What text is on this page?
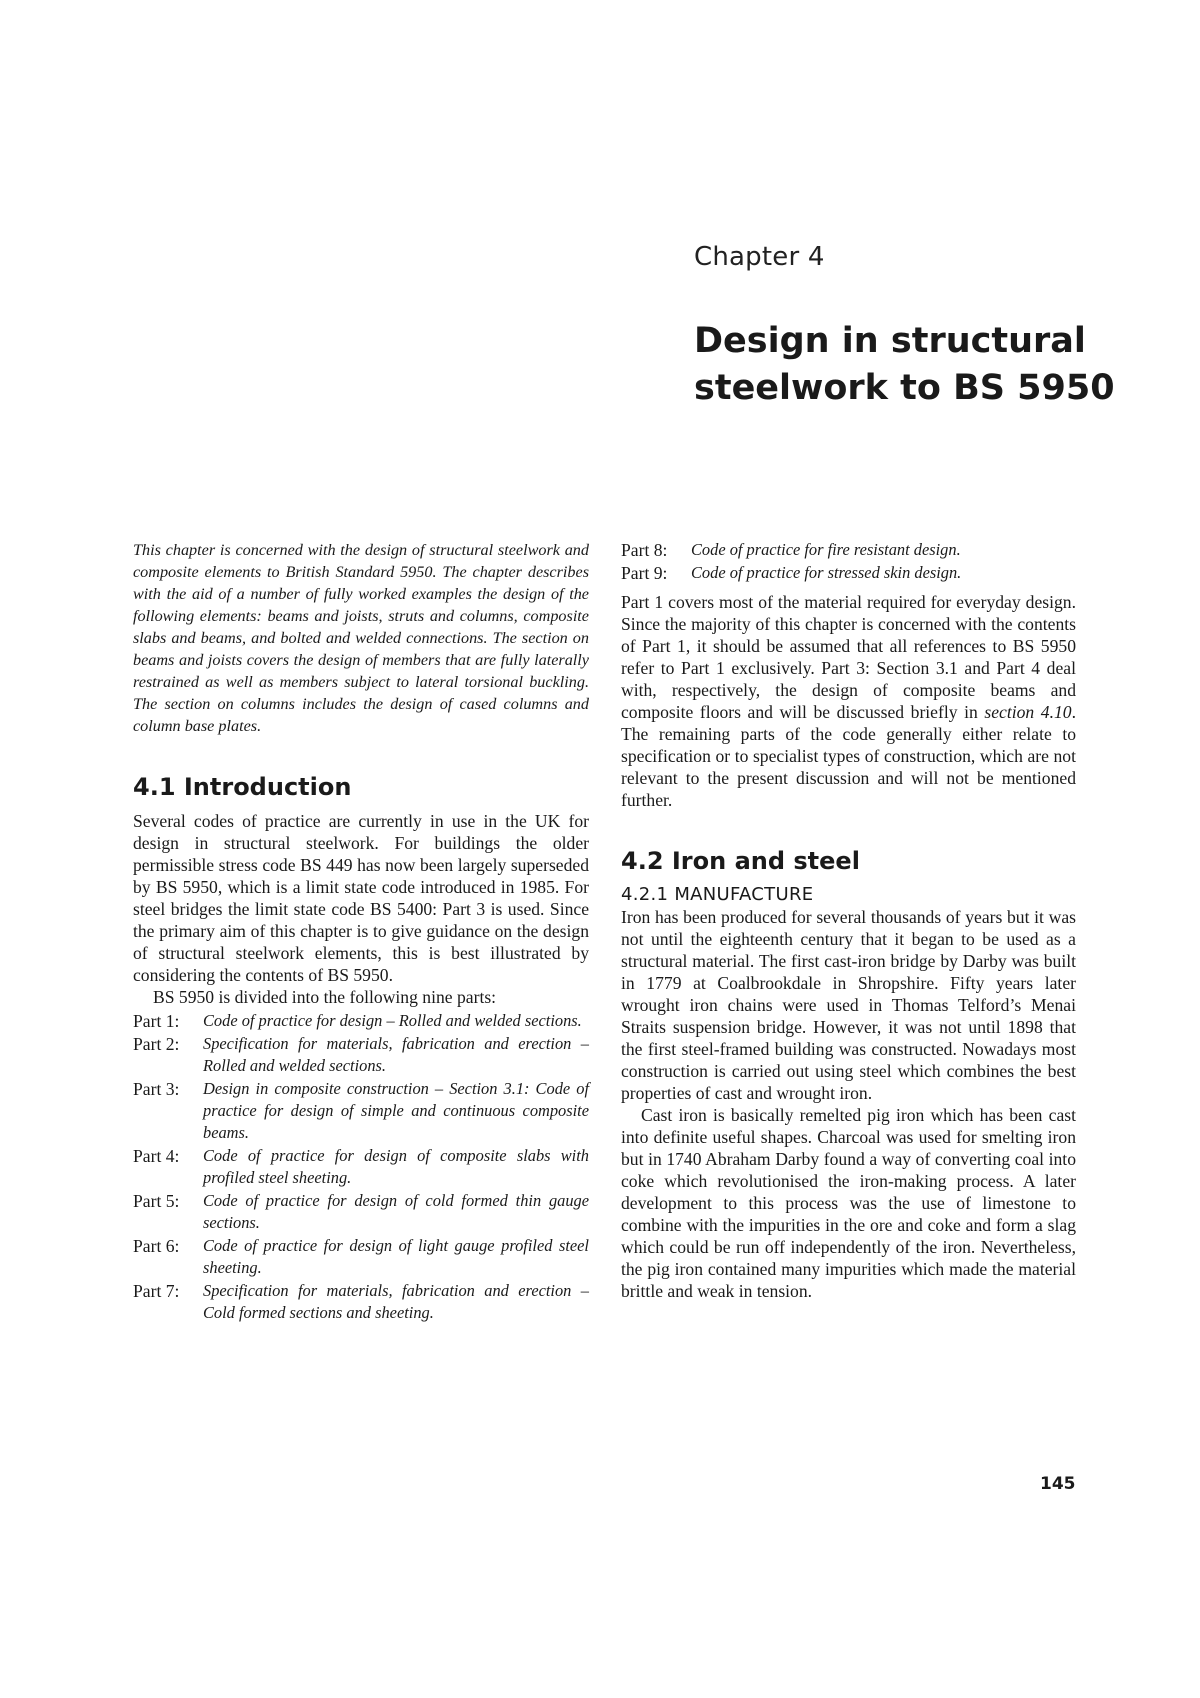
Chapter 4
Design in structural steelwork to BS 5950

This chapter is concerned with the design of structural steelwork and composite elements to British Standard 5950. The chapter describes with the aid of a number of fully worked examples the design of the following elements: beams and joists, struts and columns, composite slabs and beams, and bolted and welded connections. The section on beams and joists covers the design of members that are fully laterally restrained as well as members subject to lateral torsional buckling. The section on columns includes the design of cased columns and column base plates.

4.1 Introduction

Several codes of practice are currently in use in the UK for design in structural steelwork. For buildings the older permissible stress code BS 449 has now been largely superseded by BS 5950, which is a limit state code introduced in 1985. For steel bridges the limit state code BS 5400: Part 3 is used. Since the primary aim of this chapter is to give guidance on the design of structural steelwork elements, this is best illustrated by considering the contents of BS 5950.

BS 5950 is divided into the following nine parts:

Part 1:	Code of practice for design – Rolled and welded sections.
Part 2:	Specification for materials, fabrication and erection – Rolled and welded sections.
Part 3:	Design in composite construction – Section 3.1: Code of practice for design of simple and continuous composite beams.
Part 4:	Code of practice for design of composite slabs with profiled steel sheeting.
Part 5:	Code of practice for design of cold formed thin gauge sections.
Part 6:	Code of practice for design of light gauge profiled steel sheeting.
Part 7:	Specification for materials, fabrication and erection – Cold formed sections and sheeting.
Part 8:	Code of practice for fire resistant design.
Part 9:	Code of practice for stressed skin design.

Part 1 covers most of the material required for everyday design. Since the majority of this chapter is concerned with the contents of Part 1, it should be assumed that all references to BS 5950 refer to Part 1 exclusively. Part 3: Section 3.1 and Part 4 deal with, respectively, the design of composite beams and composite floors and will be discussed briefly in section 4.10. The remaining parts of the code generally either relate to specification or to specialist types of construction, which are not relevant to the present discussion and will not be mentioned further.

4.2 Iron and steel
4.2.1 MANUFACTURE

Iron has been produced for several thousands of years but it was not until the eighteenth century that it began to be used as a structural material. The first cast-iron bridge by Darby was built in 1779 at Coalbrookdale in Shropshire. Fifty years later wrought iron chains were used in Thomas Telford’s Menai Straits suspension bridge. However, it was not until 1898 that the first steel-framed building was constructed. Nowadays most construction is carried out using steel which combines the best properties of cast and wrought iron.

Cast iron is basically remelted pig iron which has been cast into definite useful shapes. Charcoal was used for smelting iron but in 1740 Abraham Darby found a way of converting coal into coke which revolutionised the iron-making process. A later development to this process was the use of limestone to combine with the impurities in the ore and coke and form a slag which could be run off independently of the iron. Nevertheless, the pig iron contained many impurities which made the material brittle and weak in tension.

145
